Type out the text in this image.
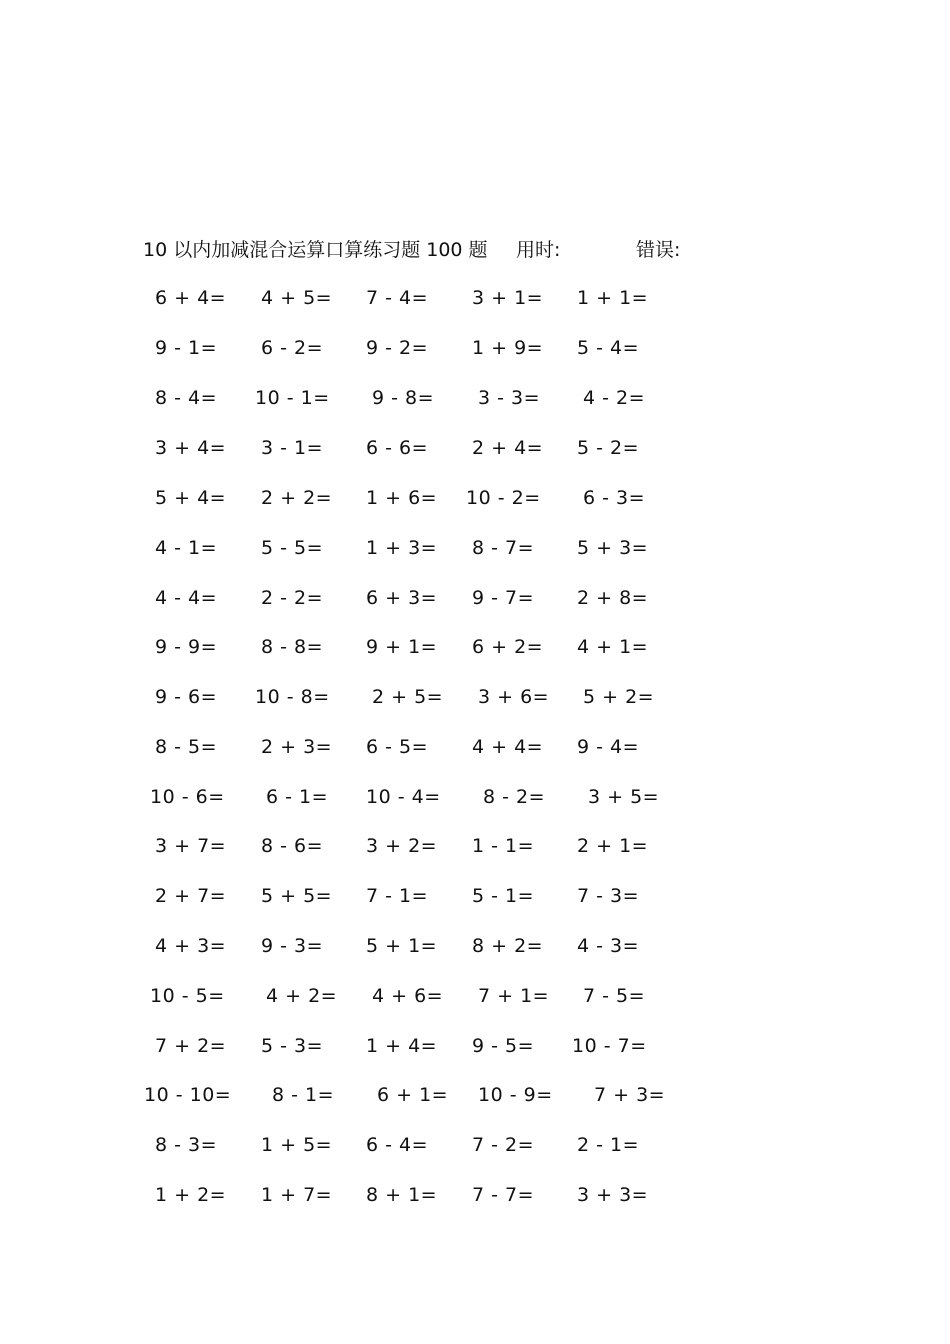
10 以内加减混合运算口算练习题 100 题 用时:	错误:
6 + 4= 4 + 5= 7 - 4= 3 + 1= 1 + 1=
9 - 1= 6 - 2= 9 - 2= 1 + 9= 5 - 4=
8 - 4= 10 - 1= 9 - 8= 3 - 3= 4 - 2=
3 + 4= 3 - 1= 6 - 6= 2 + 4= 5 - 2=
5 + 4= 2 + 2= 1 + 6= 10 - 2= 6 - 3=
4 - 1= 5 - 5= 1 + 3= 8 - 7= 5 + 3=
4 - 4= 2 - 2= 6 + 3= 9 - 7= 2 + 8=
9 - 9= 8 - 8= 9 + 1= 6 + 2= 4 + 1=
9 - 6= 10 - 8= 2 + 5= 3 + 6= 5 + 2=
8 - 5= 2 + 3= 6 - 5= 4 + 4= 9 - 4=
10 - 6= 6 - 1= 10 - 4= 8 - 2= 3 + 5=
3 + 7= 8 - 6= 3 + 2= 1 - 1= 2 + 1=
2 + 7= 5 + 5= 7 - 1= 5 - 1= 7 - 3=
4 + 3= 9 - 3= 5 + 1= 8 + 2= 4 - 3=
10 - 5= 4 + 2= 4 + 6= 7 + 1= 7 - 5=
7 + 2= 5 - 3= 1 + 4= 9 - 5= 10 - 7=
10 - 10= 8 - 1= 6 + 1= 10 - 9= 7 + 3=
8 - 3= 1 + 5= 6 - 4= 7 - 2= 2 - 1=
1 + 2= 1 + 7= 8 + 1= 7 - 7= 3 + 3=
